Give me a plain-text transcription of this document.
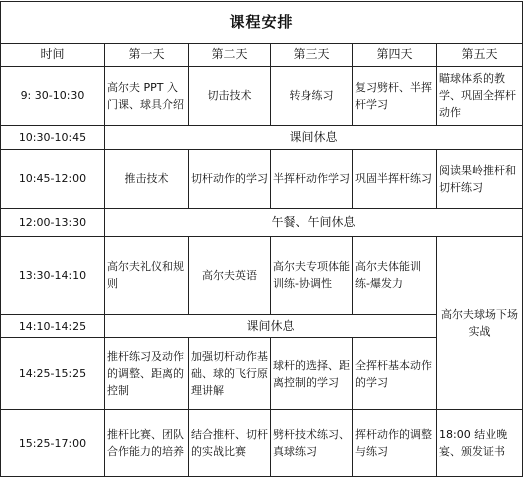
课程安排					
时间	第一天	第二天	第三天	第四天	第五天
9: 30-10:30	高尔夫 PPT 入门课、球具介绍	切击技术	转身练习	复习劈杆、半挥杆学习	瞄球体系的教学、巩固全挥杆动作
10:30-10:45	课间休息				
10:45-12:00	推击技术	切杆动作的学习	半挥杆动作学习	巩固半挥杆练习	阅读果岭推杆和切杆练习
12:00-13:30	午餐、午间休息				
13:30-14:10	高尔夫礼仪和规则	高尔夫英语	高尔夫专项体能训练-协调性	高尔夫体能训练-爆发力	高尔夫球场下场实战
14:10-14:25	课间休息				
14:25-15:25	推杆练习及动作的调整、距离的控制	加强切杆动作基础、球的飞行原理讲解	球杆的选择、距离控制的学习	全挥杆基本动作的学习	
15:25-17:00	推杆比赛、团队合作能力的培养	结合推杆、切杆的实战比赛	劈杆技术练习、真球练习	挥杆动作的调整与练习	18:00 结业晚宴、颁发证书
